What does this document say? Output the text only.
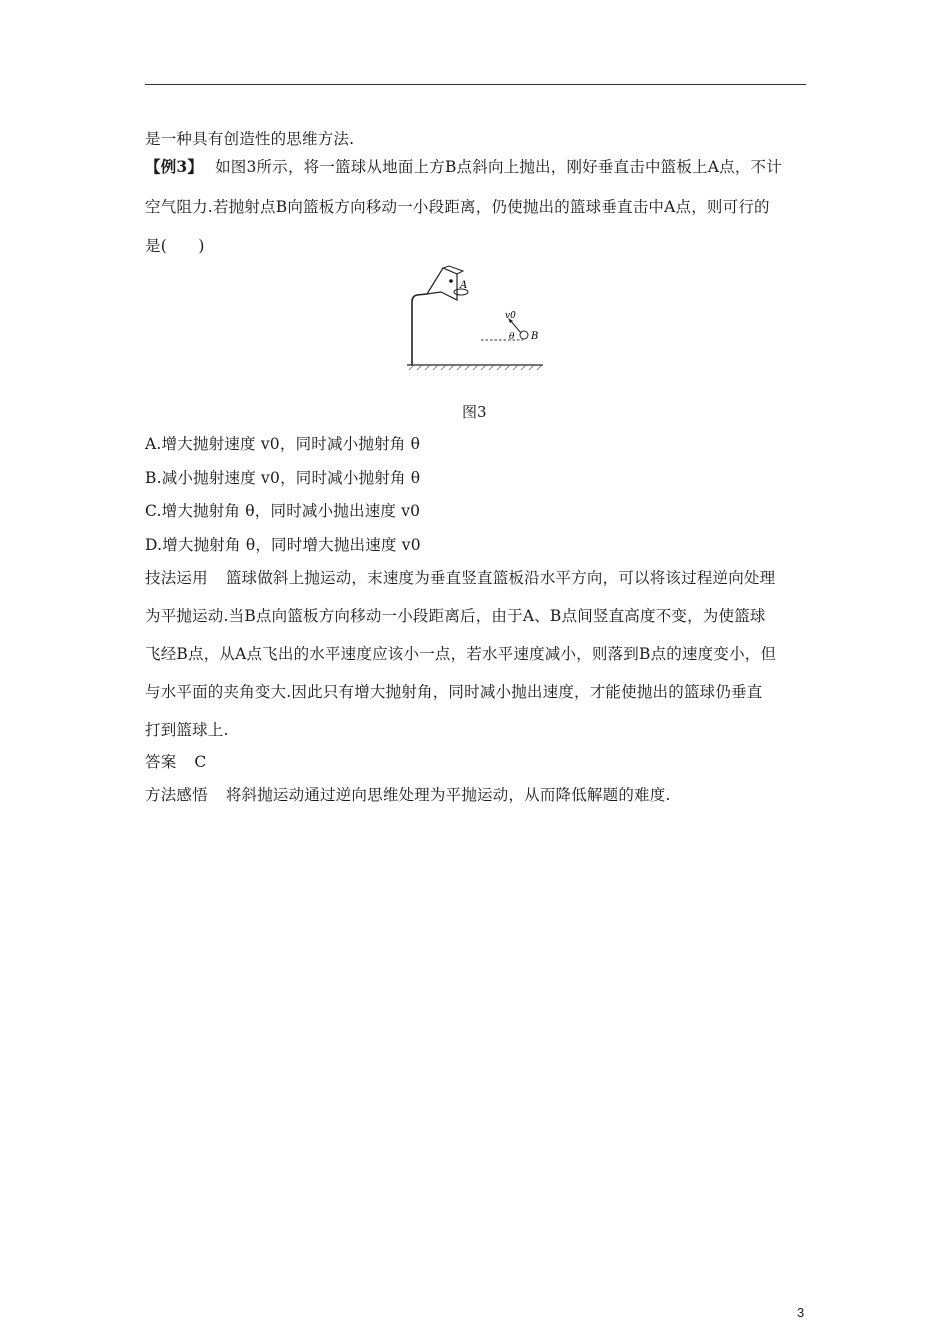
是一种具有创造性的思维方法.
【例3】 如图3所示，将一篮球从地面上方B点斜向上抛出，刚好垂直击中篮板上A点，不计
空气阻力.若抛射点B向篮板方向移动一小段距离，仍使抛出的篮球垂直击中A点，则可行的
是(　　)
A
v0
θ B
图3
A.增大抛射速度 v0，同时减小抛射角 θ
B.减小抛射速度 v0，同时减小抛射角 θ
C.增大抛射角 θ，同时减小抛出速度 v0
D.增大抛射角 θ，同时增大抛出速度 v0
技法运用 篮球做斜上抛运动，末速度为垂直竖直篮板沿水平方向，可以将该过程逆向处理
为平抛运动.当B点向篮板方向移动一小段距离后，由于A、B点间竖直高度不变，为使篮球
飞经B点，从A点飞出的水平速度应该小一点，若水平速度减小，则落到B点的速度变小，但
与水平面的夹角变大.因此只有增大抛射角，同时减小抛出速度，才能使抛出的篮球仍垂直
打到篮球上.
答案 C
方法感悟 将斜抛运动通过逆向思维处理为平抛运动，从而降低解题的难度.
3
